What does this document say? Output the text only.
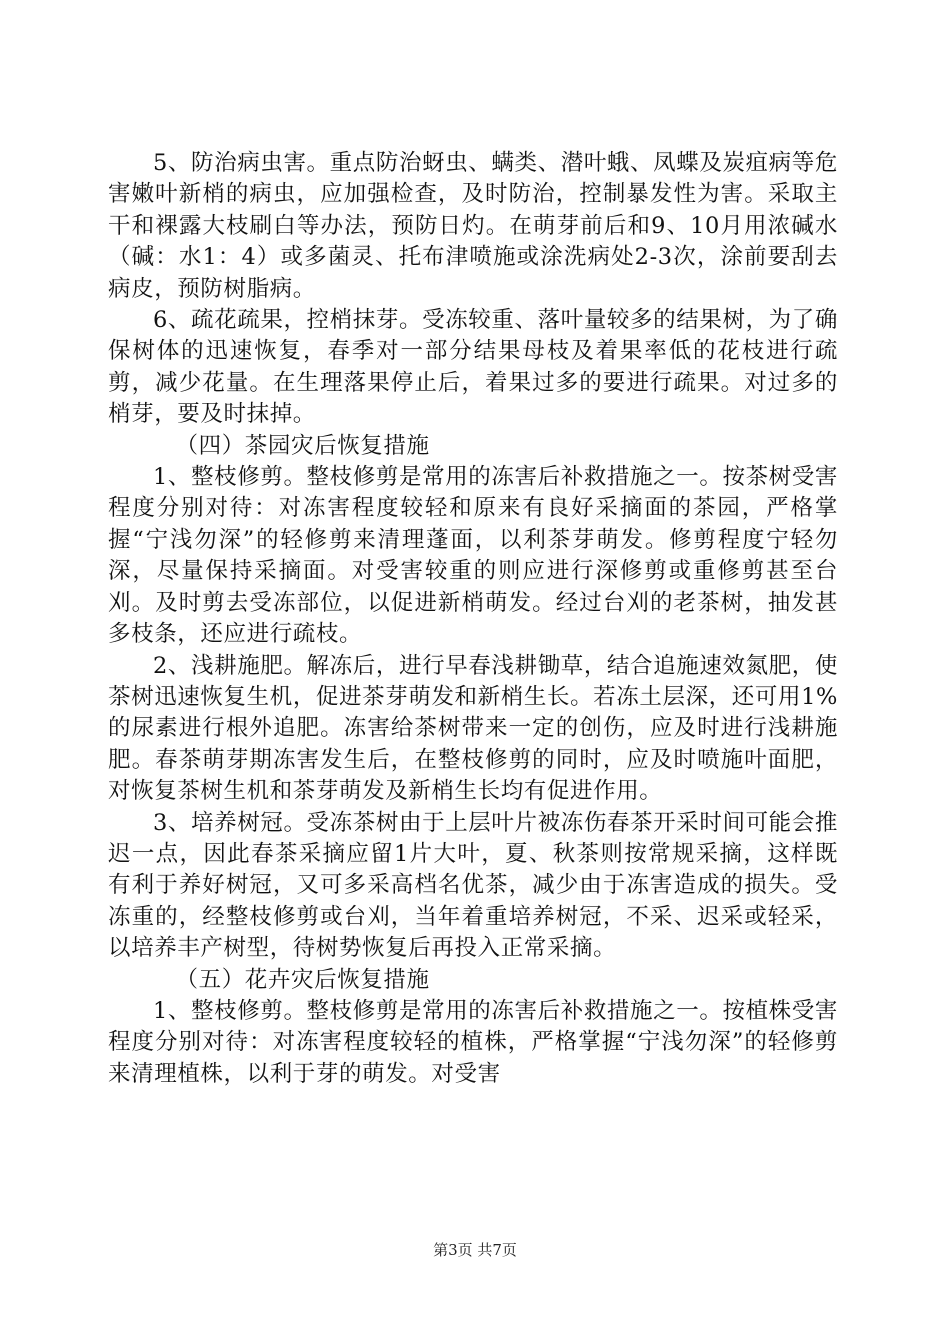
5、防治病虫害。重点防治蚜虫、螨类、潜叶蛾、凤蝶及炭疽病等危害嫩叶新梢的病虫，应加强检查，及时防治，控制暴发性为害。采取主干和裸露大枝刷白等办法，预防日灼。在萌芽前后和9、10月用浓碱水（碱：水1：4）或多菌灵、托布津喷施或涂洗病处2-3次，涂前要刮去病皮，预防树脂病。

6、疏花疏果，控梢抹芽。受冻较重、落叶量较多的结果树，为了确保树体的迅速恢复，春季对一部分结果母枝及着果率低的花枝进行疏剪，减少花量。在生理落果停止后，着果过多的要进行疏果。对过多的梢芽，要及时抹掉。

（四）茶园灾后恢复措施

1、整枝修剪。整枝修剪是常用的冻害后补救措施之一。按茶树受害程度分别对待：对冻害程度较轻和原来有良好采摘面的茶园，严格掌握“宁浅勿深”的轻修剪来清理蓬面，以利茶芽萌发。修剪程度宁轻勿深，尽量保持采摘面。对受害较重的则应进行深修剪或重修剪甚至台刈。及时剪去受冻部位，以促进新梢萌发。经过台刈的老茶树，抽发甚多枝条，还应进行疏枝。

2、浅耕施肥。解冻后，进行早春浅耕锄草，结合追施速效氮肥，使茶树迅速恢复生机，促进茶芽萌发和新梢生长。若冻土层深，还可用1%的尿素进行根外追肥。冻害给茶树带来一定的创伤，应及时进行浅耕施肥。春茶萌芽期冻害发生后，在整枝修剪的同时，应及时喷施叶面肥，对恢复茶树生机和茶芽萌发及新梢生长均有促进作用。

3、培养树冠。受冻茶树由于上层叶片被冻伤春茶开采时间可能会推迟一点，因此春茶采摘应留1片大叶，夏、秋茶则按常规采摘，这样既有利于养好树冠，又可多采高档名优茶，减少由于冻害造成的损失。受冻重的，经整枝修剪或台刈，当年着重培养树冠，不采、迟采或轻采，以培养丰产树型，待树势恢复后再投入正常采摘。

（五）花卉灾后恢复措施

1、整枝修剪。整枝修剪是常用的冻害后补救措施之一。按植株受害程度分别对待：对冻害程度较轻的植株，严格掌握“宁浅勿深”的轻修剪来清理植株，以利于芽的萌发。对受害

第3页 共7页
